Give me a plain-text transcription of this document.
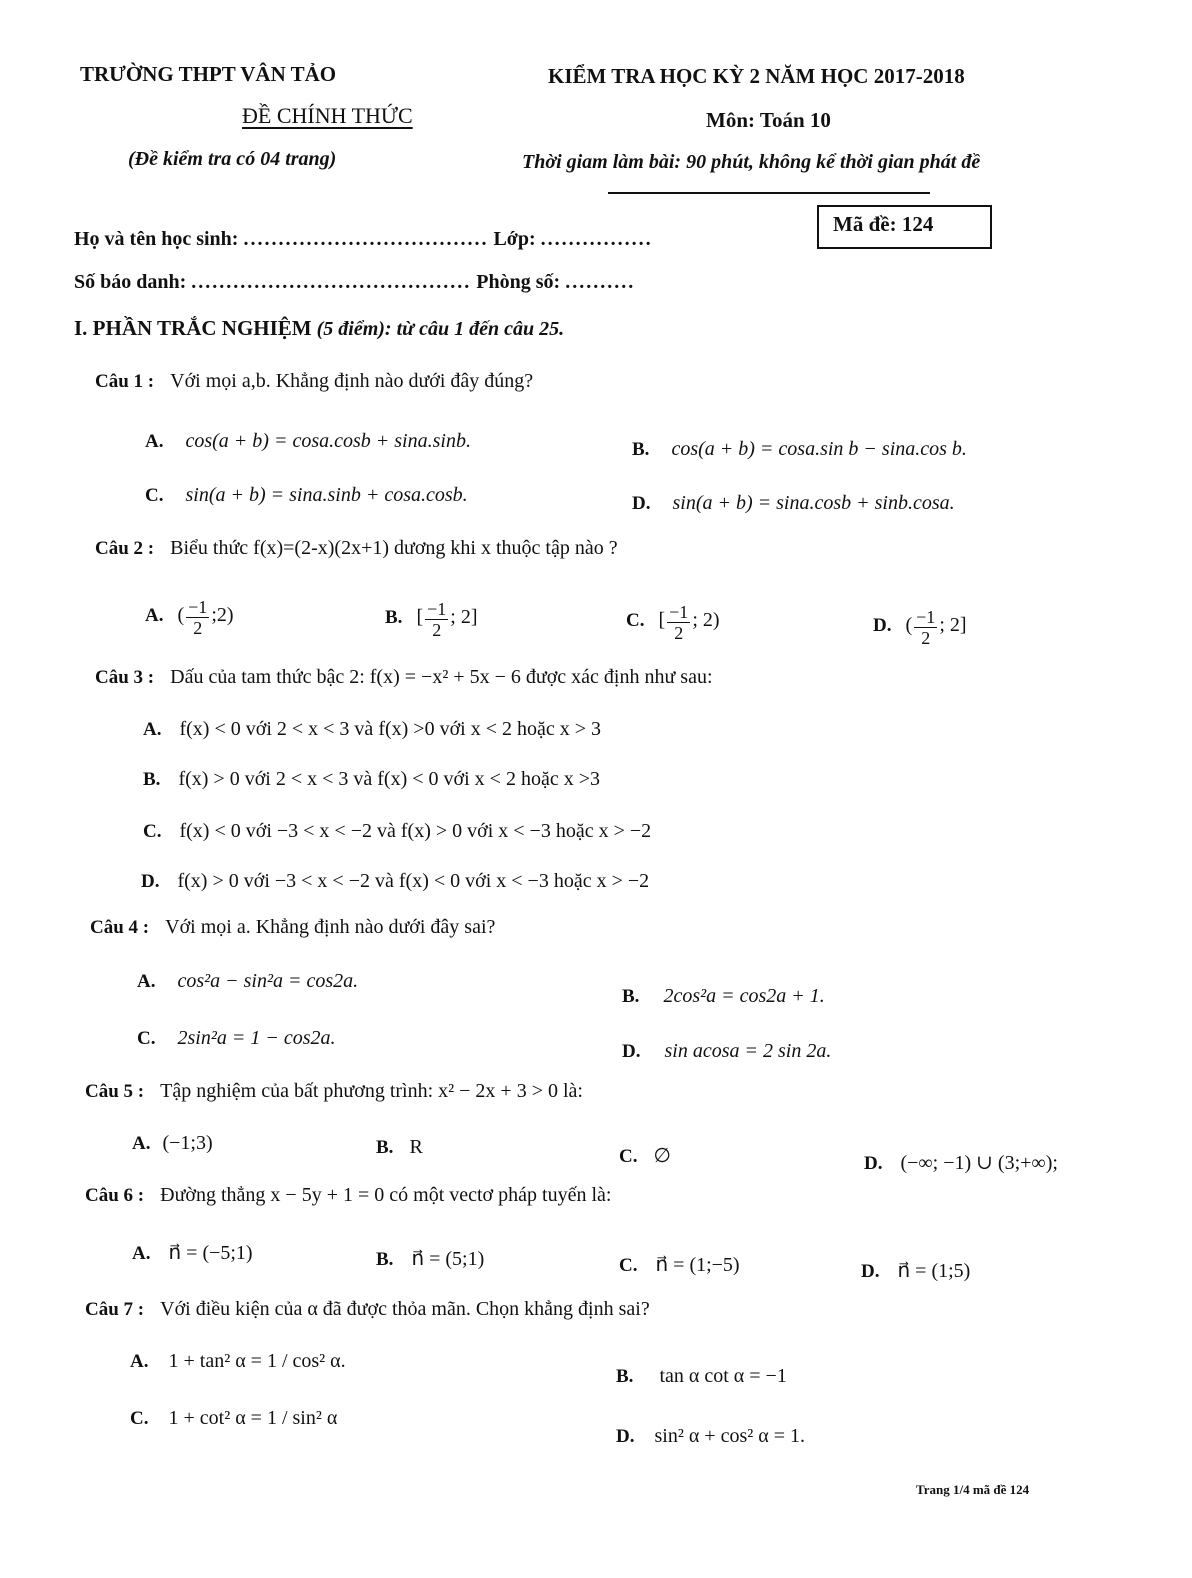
TRƯỜNG THPT VÂN TẢO
ĐỀ CHÍNH THỨC
(Đề kiểm tra có 04 trang)
KIỂM TRA HỌC KỲ 2 NĂM HỌC 2017-2018
Môn: Toán 10
Thời giam làm bài: 90 phút, không kể thời gian phát đề
Mã đề: 124
Họ và tên học sinh: ................................... Lớp: ................
Số báo danh: ........................................ Phòng số: ..........
I. PHẦN TRẮC NGHIỆM (5 điểm): từ câu 1 đến câu 25.
Câu 1 : Với mọi a,b. Khẳng định nào dưới đây đúng?
A. cos(a + b) = cosa.cosb + sina.sinb.	B. cos(a + b) = cosa.sin b − sina.cos b.
C. sin(a + b) = sina.sinb + cosa.cosb.	D. sin(a + b) = sina.cosb + sinb.cosa.
Câu 2 : Biểu thức f(x)=(2-x)(2x+1) dương khi x thuộc tập nào ?
A. ( $\frac{-1}{2}$ ;2)	B. [ $\frac{-1}{2}$ ; 2]	C. [ $\frac{-1}{2}$ ; 2)	D. ( $\frac{-1}{2}$ ; 2]
Câu 3 : Dấu của tam thức bậc 2: f(x) = −x² + 5x − 6 được xác định như sau:
A. f(x) < 0 với 2 < x < 3 và f(x) >0 với x < 2 hoặc x > 3
B. f(x) > 0 với 2 < x < 3 và f(x) < 0 với x < 2 hoặc x >3
C. f(x) < 0 với −3 < x < −2 và f(x) > 0 với x < −3 hoặc x > −2
D. f(x) > 0 với −3 < x < −2 và f(x) < 0 với x < −3 hoặc x > −2
Câu 4 : Với mọi a. Khẳng định nào dưới đây sai?
A. cos²a − sin²a = cos2a.
B. 2cos²a = cos2a + 1.
C. 2sin²a = 1 − cos2a.
D. sin acosa = 2 sin 2a.
Câu 5 : Tập nghiệm của bất phương trình: x² − 2x + 3 > 0 là:
A. (−1;3)	B. R	C. ∅	D. (−∞; −1) ∪ (3;+∞);
Câu 6 : Đường thẳng x − 5y + 1 = 0 có một vectơ pháp tuyến là:
A. n⃗ = (−5;1)	B. n⃗ = (5;1)	C. n⃗ = (1;−5)	D. n⃗ = (1;5)
Câu 7 : Với điều kiện của α đã được thỏa mãn. Chọn khẳng định sai?
A. 1 + tan² α = 1 / cos² α.
B. tan α cot α = −1
C. 1 + cot² α = 1 / sin² α
D. sin² α + cos² α = 1.
Trang 1/4 mã đề 124
